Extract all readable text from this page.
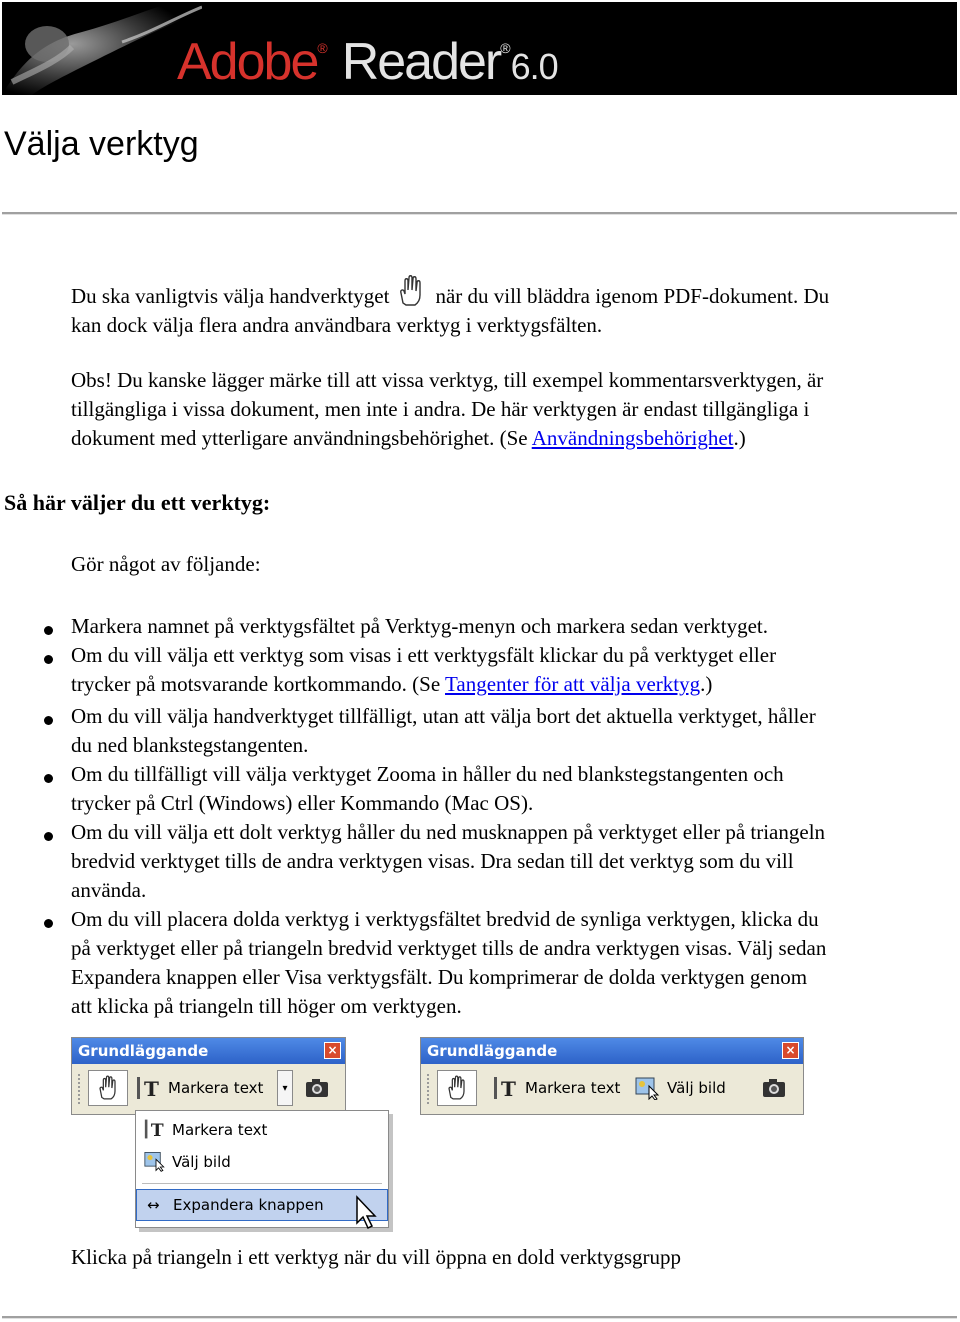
Adobe® Reader®6.0
Välja verktyg

Du ska vanligtvis välja handverktyget när du vill bläddra igenom PDF-dokument. Du
kan dock välja flera andra användbara verktyg i verktygsfälten.

Obs! Du kanske lägger märke till att vissa verktyg, till exempel kommentarsverktygen, är
tillgängliga i vissa dokument, men inte i andra. De här verktygen är endast tillgängliga i
dokument med ytterligare användningsbehörighet. (Se Användningsbehörighet.)

Så här väljer du ett verktyg:

Gör något av följande:

Markera namnet på verktygsfältet på Verktyg-menyn och markera sedan verktyget.
Om du vill välja ett verktyg som visas i ett verktygsfält klickar du på verktyget eller
trycker på motsvarande kortkommando. (Se Tangenter för att välja verktyg.)
Om du vill välja handverktyget tillfälligt, utan att välja bort det aktuella verktyget, håller
du ned blankstegstangenten.
Om du tillfälligt vill välja verktyget Zooma in håller du ned blankstegstangenten och
trycker på Ctrl (Windows) eller Kommando (Mac OS).
Om du vill välja ett dolt verktyg håller du ned musknappen på verktyget eller på triangeln
bredvid verktyget tills de andra verktygen visas. Dra sedan till det verktyg som du vill
använda.
Om du vill placera dolda verktyg i verktygsfältet bredvid de synliga verktygen, klicka du
på verktyget eller på triangeln bredvid verktyget tills de andra verktygen visas. Välj sedan
Expandera knappen eller Visa verktygsfält. Du komprimerar de dolda verktygen genom
att klicka på triangeln till höger om verktygen.
Grundläggande	×
T Markera text	▾
Grundläggande	×
T Markera text	Välj bild
T Markera text
Välj bild
↔ Expandera knappen

Klicka på triangeln i ett verktyg när du vill öppna en dold verktygsgrupp
